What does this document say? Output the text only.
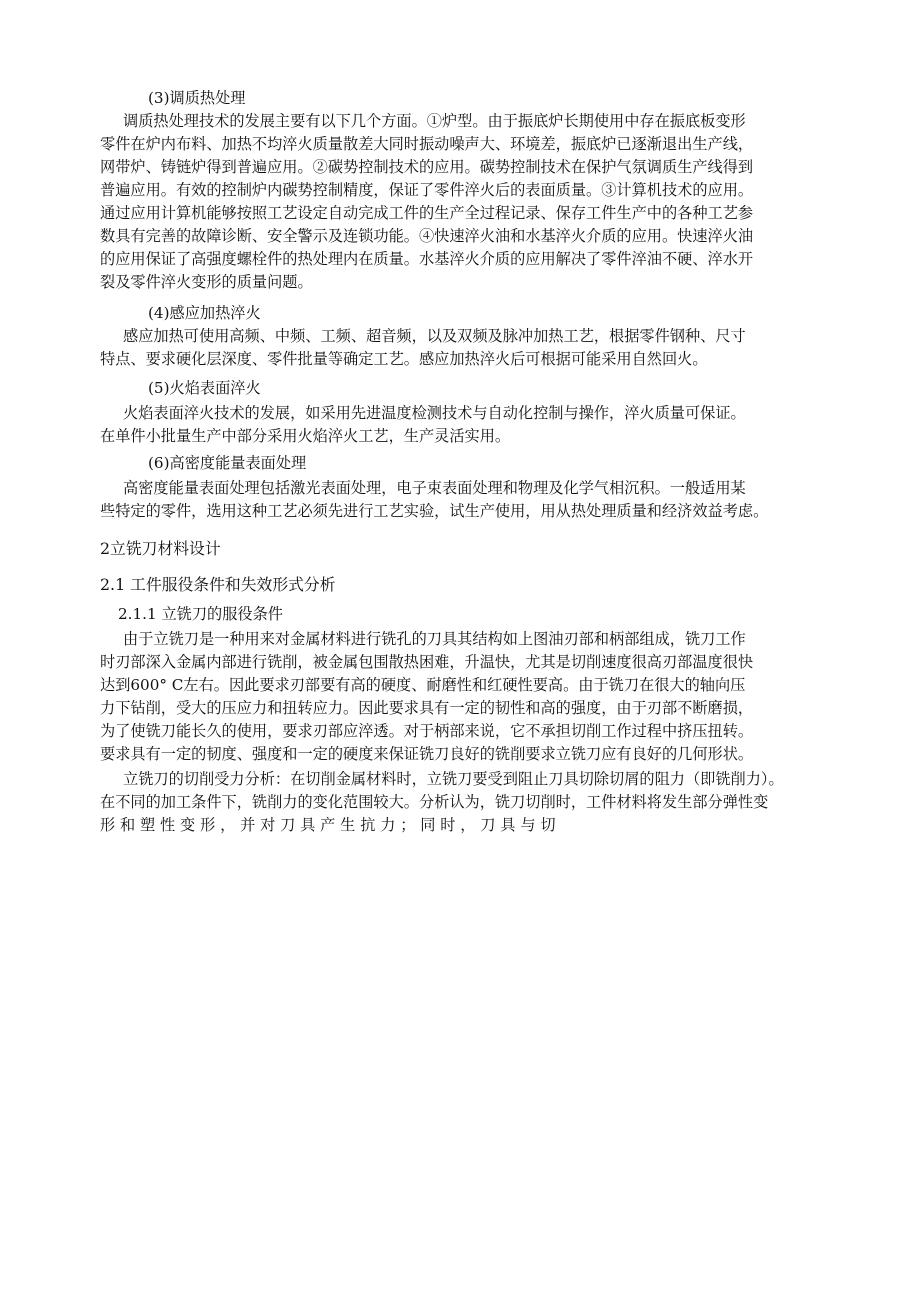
(3)调质热处理
调质热处理技术的发展主要有以下几个方面。①炉型。由于振底炉长期使用中存在振底板变形
零件在炉内布料、加热不均淬火质量散差大同时振动噪声大、环境差，振底炉已逐渐退出生产线，
网带炉、铸链炉得到普遍应用。②碳势控制技术的应用。碳势控制技术在保护气氛调质生产线得到
普遍应用。有效的控制炉内碳势控制精度，保证了零件淬火后的表面质量。③计算机技术的应用。
通过应用计算机能够按照工艺设定自动完成工件的生产全过程记录、保存工件生产中的各种工艺参
数具有完善的故障诊断、安全警示及连锁功能。④快速淬火油和水基淬火介质的应用。快速淬火油
的应用保证了高强度螺栓件的热处理内在质量。水基淬火介质的应用解决了零件淬油不硬、淬水开
裂及零件淬火变形的质量问题。
(4)感应加热淬火
感应加热可使用高频、中频、工频、超音频，以及双频及脉冲加热工艺，根据零件钢种、尺寸
特点、要求硬化层深度、零件批量等确定工艺。感应加热淬火后可根据可能采用自然回火。
(5)火焰表面淬火
火焰表面淬火技术的发展，如采用先进温度检测技术与自动化控制与操作，淬火质量可保证。
在单件小批量生产中部分采用火焰淬火工艺，生产灵活实用。
(6)高密度能量表面处理
高密度能量表面处理包括激光表面处理，电子束表面处理和物理及化学气相沉积。一般适用某
些特定的零件，选用这种工艺必须先进行工艺实验，试生产使用，用从热处理质量和经济效益考虑。
2立铣刀材料设计
2.1 工件服役条件和失效形式分析
2.1.1 立铣刀的服役条件
由于立铣刀是一种用来对金属材料进行铣孔的刀具其结构如上图油刃部和柄部组成，铣刀工作
时刃部深入金属内部进行铣削，被金属包围散热困难，升温快，尤其是切削速度很高刃部温度很快
达到600° C左右。因此要求刃部要有高的硬度、耐磨性和红硬性要高。由于铣刀在很大的轴向压
力下钻削，受大的压应力和扭转应力。因此要求具有一定的韧性和高的强度，由于刃部不断磨损，
为了使铣刀能长久的使用，要求刃部应淬透。对于柄部来说，它不承担切削工作过程中挤压扭转。
要求具有一定的韧度、强度和一定的硬度来保证铣刀良好的铣削要求立铣刀应有良好的几何形状。
立铣刀的切削受力分析：在切削金属材料时，立铣刀要受到阻止刀具切除切屑的阻力（即铣削力）。
在不同的加工条件下，铣削力的变化范围较大。分析认为，铣刀切削时，工件材料将发生部分弹性变
形 和 塑 性 变 形 ， 并 对 刀 具 产 生 抗 力 ； 同 时 ， 刀 具 与 切
